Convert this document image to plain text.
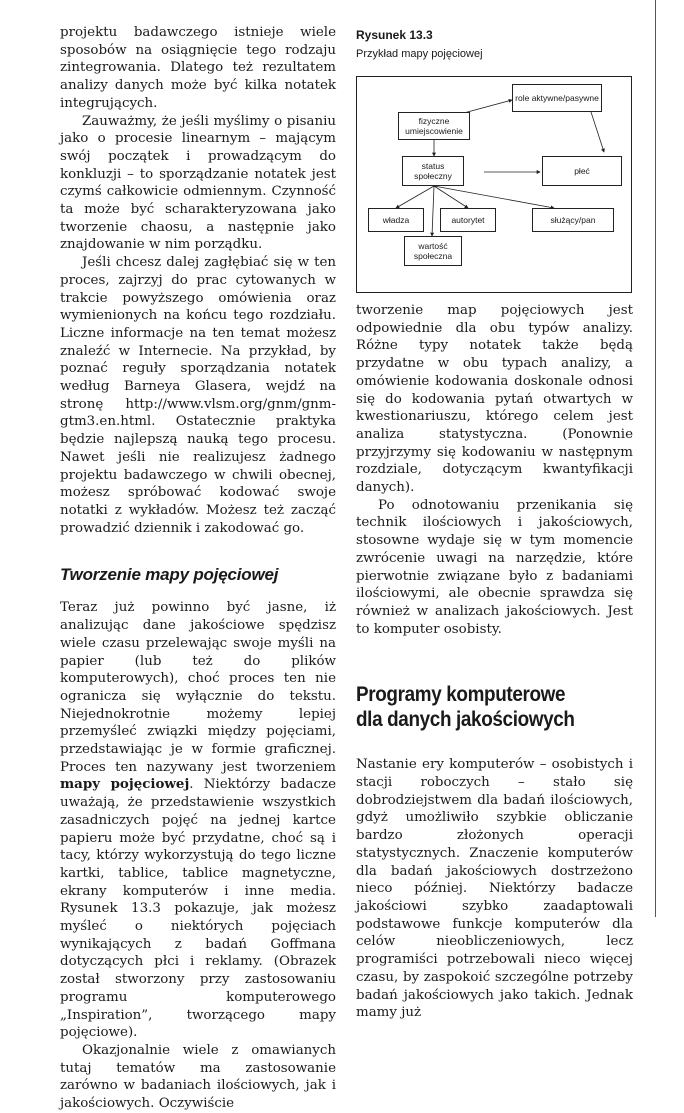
projektu badawczego istnieje wiele sposobów na osiągnięcie tego rodzaju zintegrowania. Dlatego też rezultatem analizy danych może być kilka notatek integrujących.

Zauważmy, że jeśli myślimy o pisaniu jako o procesie linearnym – mającym swój początek i prowadzącym do konkluzji – to sporządzanie notatek jest czymś całkowicie odmiennym. Czynność ta może być scharakteryzowana jako tworzenie chaosu, a następnie jako znajdowanie w nim porządku.

Jeśli chcesz dalej zagłębiać się w ten proces, zajrzyj do prac cytowanych w trakcie powyższego omówienia oraz wymienionych na końcu tego rozdziału. Liczne informacje na ten temat możesz znaleźć w Internecie. Na przykład, by poznać reguły sporządzania notatek według Barneya Glasera, wejdź na stronę http://www.vlsm.org/gnm/gnm-gtm3.en.html. Ostatecznie praktyka będzie najlepszą nauką tego procesu. Nawet jeśli nie realizujesz żadnego projektu badawczego w chwili obecnej, możesz spróbować kodować swoje notatki z wykładów. Możesz też zacząć prowadzić dziennik i zakodować go.

Tworzenie mapy pojęciowej

Teraz już powinno być jasne, iż analizując dane jakościowe spędzisz wiele czasu przelewając swoje myśli na papier (lub też do plików komputerowych), choć proces ten nie ogranicza się wyłącznie do tekstu. Niejednokrotnie możemy lepiej przemyśleć związki między pojęciami, przedstawiając je w formie graficznej. Proces ten nazywany jest tworzeniem mapy pojęciowej. Niektórzy badacze uważają, że przedstawienie wszystkich zasadniczych pojęć na jednej kartce papieru może być przydatne, choć są i tacy, którzy wykorzystują do tego liczne kartki, tablice, tablice magnetyczne, ekrany komputerów i inne media. Rysunek 13.3 pokazuje, jak możesz myśleć o niektórych pojęciach wynikających z badań Goffmana dotyczących płci i reklamy. (Obrazek został stworzony przy zastosowaniu programu komputerowego „Inspiration”, tworzącego mapy pojęciowe).

Okazjonalnie wiele z omawianych tutaj tematów ma zastosowanie zarówno w badaniach ilościowych, jak i jakościowych. Oczywiście

Rysunek 13.3
Przykład mapy pojęciowej
role aktywne/pasywne
fizyczne umiejscowienie
status społeczny	płeć
władza	autorytet	służący/pan
wartość społeczna

tworzenie map pojęciowych jest odpowiednie dla obu typów analizy. Różne typy notatek także będą przydatne w obu typach analizy, a omówienie kodowania doskonale odnosi się do kodowania pytań otwartych w kwestionariuszu, którego celem jest analiza statystyczna. (Ponownie przyjrzymy się kodowaniu w następnym rozdziale, dotyczącym kwantyfikacji danych).

Po odnotowaniu przenikania się technik ilościowych i jakościowych, stosowne wydaje się w tym momencie zwrócenie uwagi na narzędzie, które pierwotnie związane było z badaniami ilościowymi, ale obecnie sprawdza się również w analizach jakościowych. Jest to komputer osobisty.

Programy komputerowe
dla danych jakościowych

Nastanie ery komputerów – osobistych i stacji roboczych – stało się dobrodziejstwem dla badań ilościowych, gdyż umożliwiło szybkie obliczanie bardzo złożonych operacji statystycznych. Znaczenie komputerów dla badań jakościowych dostrzeżono nieco później. Niektórzy badacze jakościowi szybko zaadaptowali podstawowe funkcje komputerów dla celów nieobliczeniowych, lecz programiści potrzebowali nieco więcej czasu, by zaspokoić szczególne potrzeby badań jakościowych jako takich. Jednak mamy już
